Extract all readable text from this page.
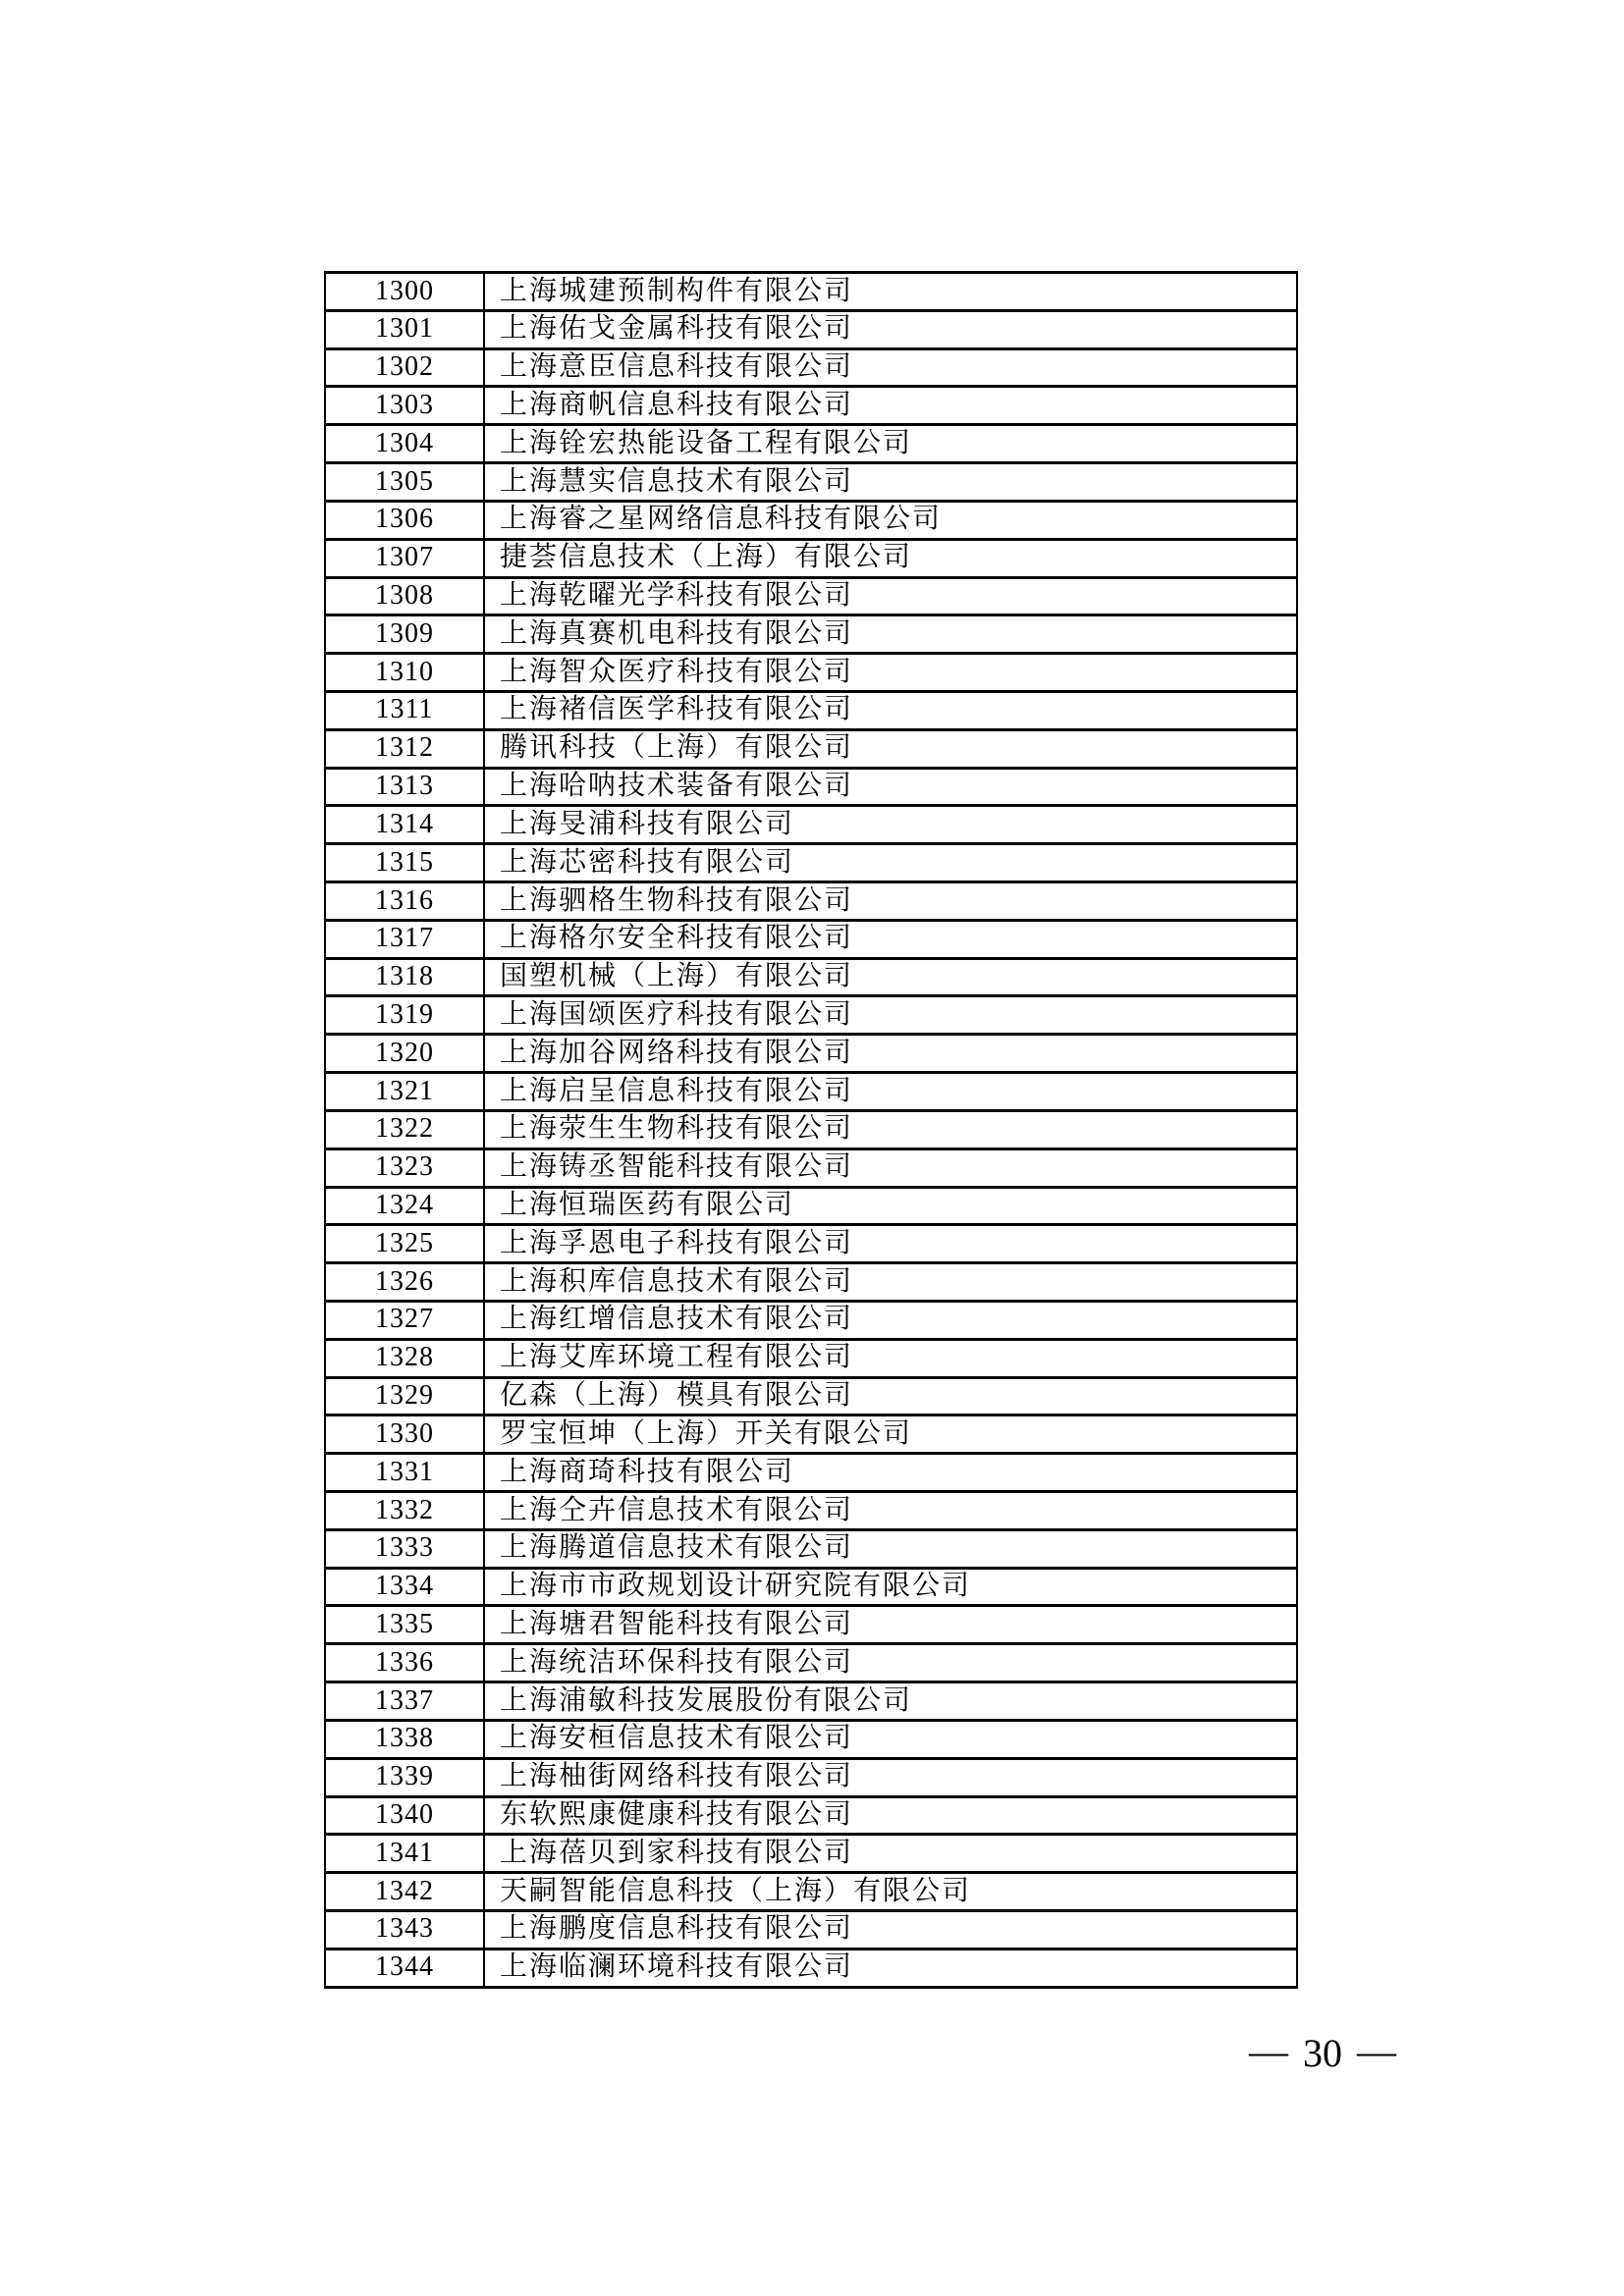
1300	上海城建预制构件有限公司
1301	上海佑戈金属科技有限公司
1302	上海意臣信息科技有限公司
1303	上海商帆信息科技有限公司
1304	上海铨宏热能设备工程有限公司
1305	上海慧实信息技术有限公司
1306	上海睿之星网络信息科技有限公司
1307	捷荟信息技术（上海）有限公司
1308	上海乾曜光学科技有限公司
1309	上海真赛机电科技有限公司
1310	上海智众医疗科技有限公司
1311	上海褚信医学科技有限公司
1312	腾讯科技（上海）有限公司
1313	上海哈呐技术装备有限公司
1314	上海旻浦科技有限公司
1315	上海芯密科技有限公司
1316	上海驷格生物科技有限公司
1317	上海格尔安全科技有限公司
1318	国塑机械（上海）有限公司
1319	上海国颂医疗科技有限公司
1320	上海加谷网络科技有限公司
1321	上海启呈信息科技有限公司
1322	上海荥生生物科技有限公司
1323	上海铸丞智能科技有限公司
1324	上海恒瑞医药有限公司
1325	上海孚恩电子科技有限公司
1326	上海积库信息技术有限公司
1327	上海红增信息技术有限公司
1328	上海艾库环境工程有限公司
1329	亿森（上海）模具有限公司
1330	罗宝恒坤（上海）开关有限公司
1331	上海商琦科技有限公司
1332	上海仝卉信息技术有限公司
1333	上海腾道信息技术有限公司
1334	上海市市政规划设计研究院有限公司
1335	上海塘君智能科技有限公司
1336	上海统洁环保科技有限公司
1337	上海浦敏科技发展股份有限公司
1338	上海安桓信息技术有限公司
1339	上海柚街网络科技有限公司
1340	东软熙康健康科技有限公司
1341	上海蓓贝到家科技有限公司
1342	天嗣智能信息科技（上海）有限公司
1343	上海鹏度信息科技有限公司
1344	上海临澜环境科技有限公司
— 30 —
